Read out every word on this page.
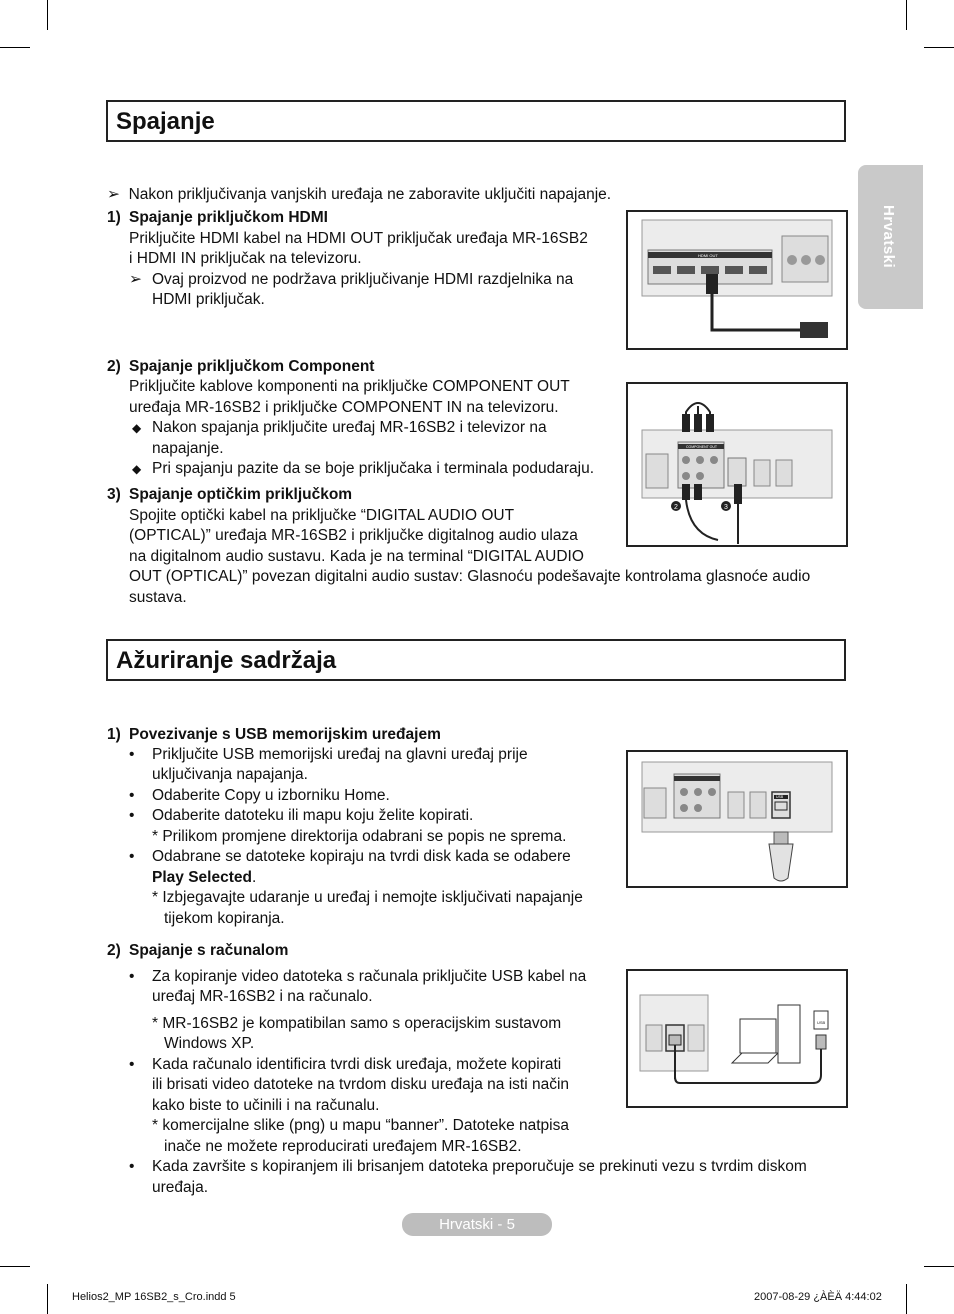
Hrvatski
Spajanje
➢  Nakon priključivanja vanjskih uređaja ne zaboravite uključiti napajanje.
1) Spajanje priključkom HDMI
Priključite HDMI kabel na HDMI OUT priključak uređaja MR-16SB2
i HDMI IN priključak na televizoru.
➢ Ovaj proizvod ne podržava priključivanje HDMI razdjelnika na
HDMI priključak.
HDMI OUT
2) Spajanje priključkom Component
Priključite kablove komponenti na priključke COMPONENT OUT
uređaja MR-16SB2 i priključke COMPONENT IN na televizoru.
◆ Nakon spajanja priključite uređaj MR-16SB2 i televizor na
napajanje.
◆ Pri spajanju pazite da se boje priključaka i terminala podudaraju.
COMPONENT OUT
2	3
3) Spajanje optičkim priključkom
Spojite optički kabel na priključke “DIGITAL AUDIO OUT
(OPTICAL)” uređaja MR-16SB2 i priključke digitalnog audio ulaza
na digitalnom audio sustavu. Kada je na terminal “DIGITAL AUDIO
OUT (OPTICAL)” povezan digitalni audio sustav: Glasnoću podešavajte kontrolama glasnoće audio
sustava.
Ažuriranje sadržaja
1) Povezivanje s USB memorijskim uređajem
• Priključite USB memorijski uređaj na glavni uređaj prije
uključivanja napajanja.
• Odaberite Copy u izborniku Home.
• Odaberite datoteku ili mapu koju želite kopirati.
* Prilikom promjene direktorija odabrani se popis ne sprema.
• Odabrane se datoteke kopiraju na tvrdi disk kada se odabere
Play Selected.
* Izbjegavajte udaranje u uređaj i nemojte isključivati napajanje
tijekom kopiranja.
USB
2) Spajanje s računalom
• Za kopiranje video datoteka s računala priključite USB kabel na
uređaj MR-16SB2 i na računalo.
* MR-16SB2 je kompatibilan samo s operacijskim sustavom
Windows XP.
• Kada računalo identificira tvrdi disk uređaja, možete kopirati
ili brisati video datoteke na tvrdom disku uređaja na isti način
kako biste to učinili i na računalu.
* komercijalne slike (png) u mapu “banner”. Datoteke natpisa
inače ne možete reproducirati uređajem MR-16SB2.
• Kada završite s kopiranjem ili brisanjem datoteka preporučuje se prekinuti vezu s tvrdim diskom
uređaja.
USB
Hrvatski - 5
Helios2_MP 16SB2_s_Cro.indd 5	2007-08-29 ¿ÀÈÄ 4:44:02
